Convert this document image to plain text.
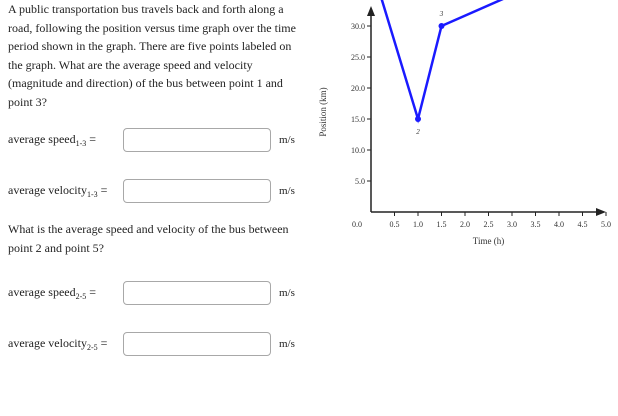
A public transportation bus travels back and forth along a road, following the position versus time graph over the time period shown in the graph. There are five points labeled on the graph. What are the average speed and velocity (magnitude and direction) of the bus between point 1 and point 3?

average speed$_{1-3}$ =	m/s
average velocity$_{1-3}$ =	m/s

What is the average speed and velocity of the bus between point 2 and point 5?

average speed$_{2-5}$ =	m/s
average velocity$_{2-5}$ =	m/s
5.0
10.0
15.0
20.0
25.0
30.0
0.0	0.5 1.0 1.5 2.0 2.5 3.0 3.5 4.0 4.5 5.0
2
3
Time (h)
Position (km)
